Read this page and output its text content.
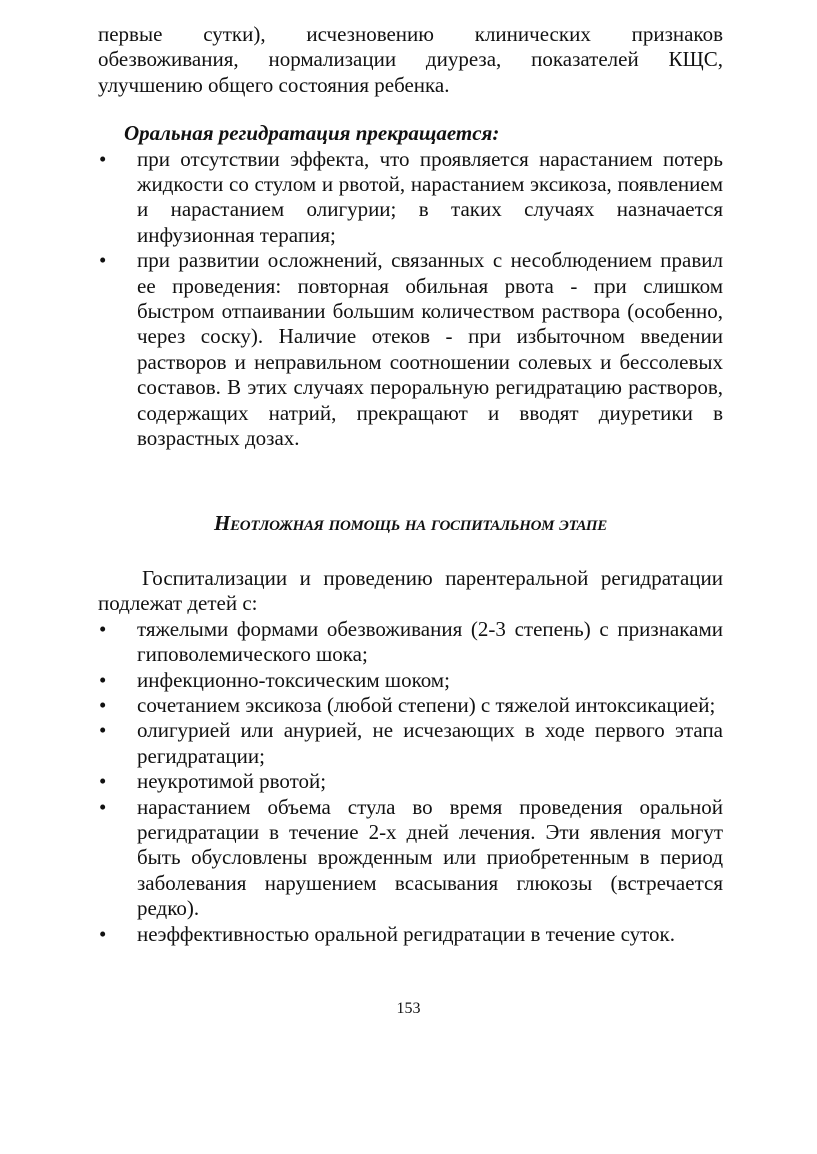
первые сутки), исчезновению клинических признаков обезвоживания, нормализации диуреза, показателей КЩС, улучшению общего состояния ребенка.

Оральная регидратация прекращается:

• при отсутствии эффекта, что проявляется нарастанием потерь жидкости со стулом и рвотой, нарастанием эксикоза, появлением и нарастанием олигурии; в таких случаях назначается инфузионная терапия;
• при развитии осложнений, связанных с несоблюдением правил ее проведения: повторная обильная рвота - при слишком быстром отпаивании большим количеством раствора (особенно, через соску). Наличие отеков - при избыточном введении растворов и неправильном соотношении солевых и бессолевых составов. В этих случаях пероральную регидратацию растворов, содержащих натрий, прекращают и вводят диуретики в возрастных дозах.

Неотложная помощь на госпитальном этапе

Госпитализации и проведению парентеральной регидратации подлежат детей с:

• тяжелыми формами обезвоживания (2-3 степень) с признаками гиповолемического шока;
• инфекционно-токсическим шоком;
• сочетанием эксикоза (любой степени) с тяжелой интоксикацией;
• олигурией или анурией, не исчезающих в ходе первого этапа регидратации;
• неукротимой рвотой;
• нарастанием объема стула во время проведения оральной регидратации в течение 2-х дней лечения. Эти явления могут быть обусловлены врожденным или приобретенным в период заболевания нарушением всасывания глюкозы (встречается редко).
• неэффективностью оральной регидратации в течение суток.
153
